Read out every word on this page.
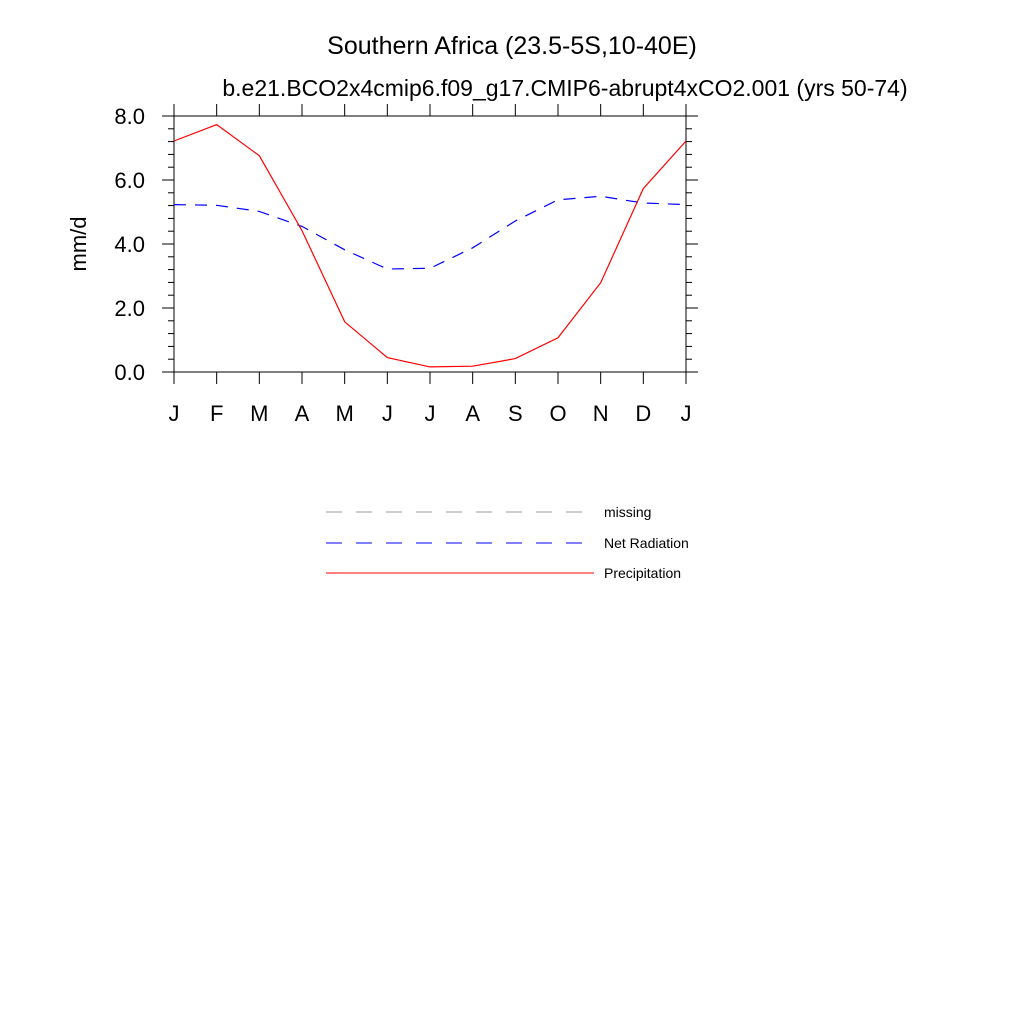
Southern Africa (23.5-5S,10-40E)
b.e21.BCO2x4cmip6.f09_g17.CMIP6-abrupt4xCO2.001 (yrs 50-74)
mm/d
J F M A M J J A S O N D J
0.0
2.0
4.0
6.0
8.0
missing
Net Radiation
Precipitation
